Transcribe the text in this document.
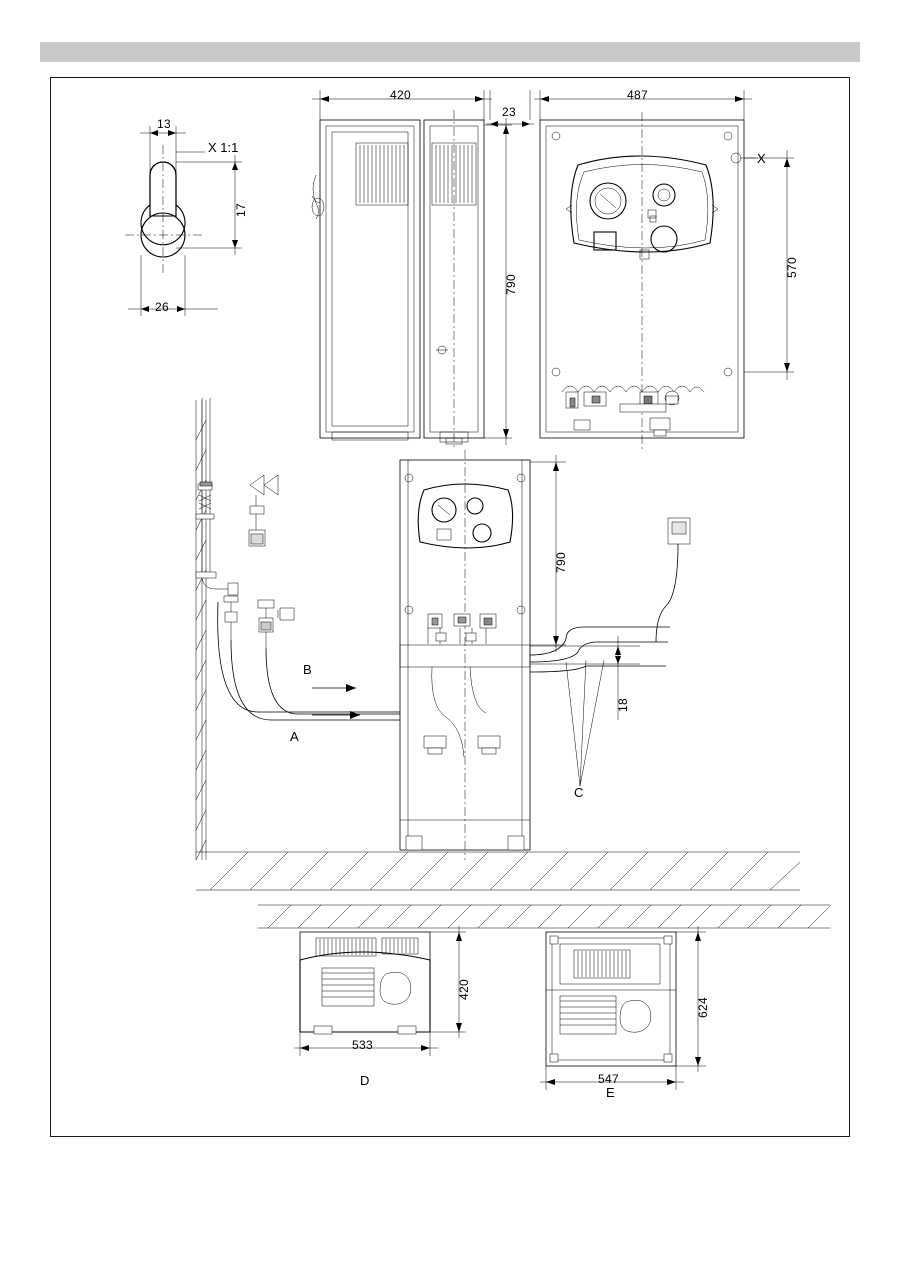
13
17
26
X 1:1
420
23
790
487
570
X
790
18
A
B
C
420
533
D
624
547
E
